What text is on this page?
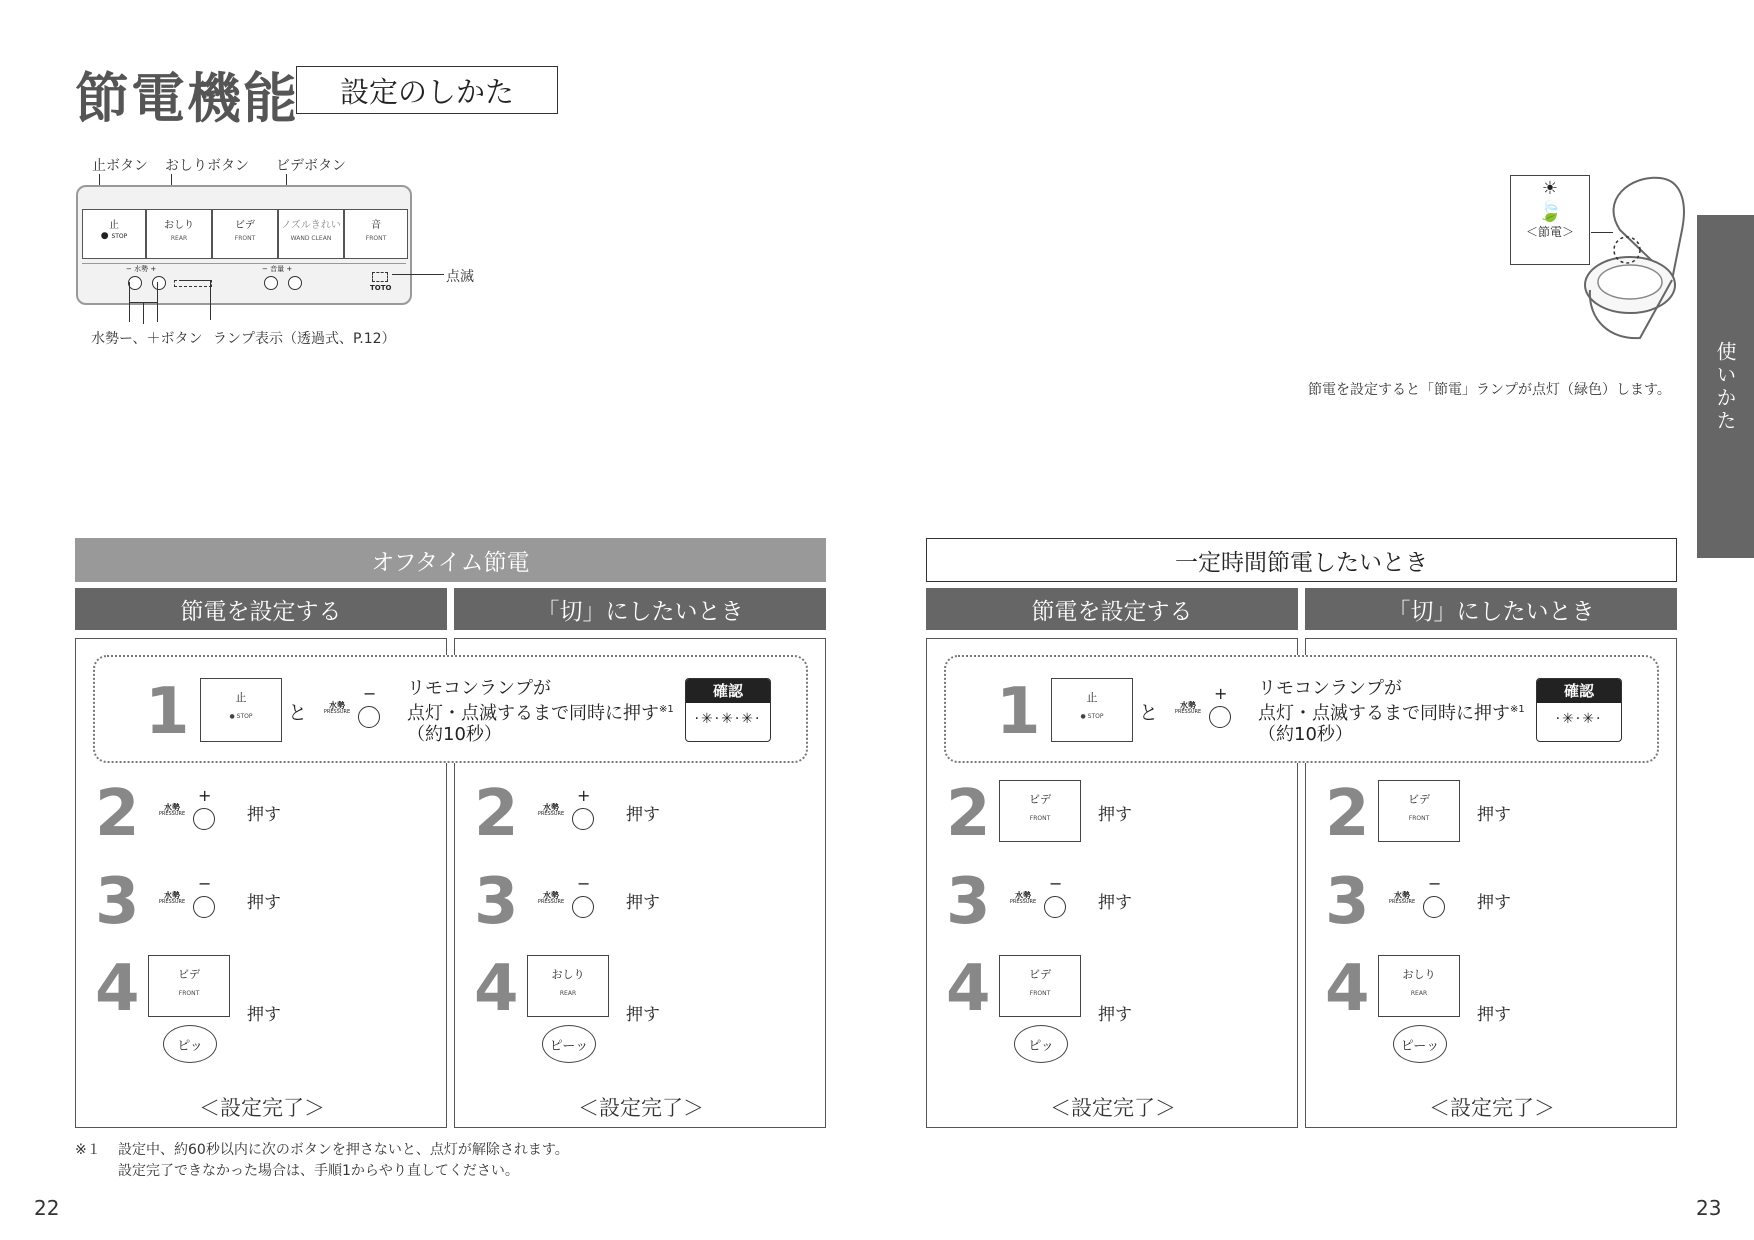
節電機能	設定のしかた
止ボタン おしりボタン ビデボタン
止
● STOP
おしり
REAR
ビデ
FRONT
ノズルきれい
WAND CLEAN
音
FRONT
− 水勢 +	− 音量 +
TOTO
点滅
水勢ー、＋ボタン ランプ表示（透過式、P.12）
☀
🍃
＜節電＞
節電を設定すると「節電」ランプが点灯（緑色）します。	使いかた
オフタイム節電
節電を設定する	「切」にしたいとき
1	止
● STOP	と	水勢
PRESSURE
− リモコンランプが
点灯・点滅するまで同時に押す$^{※1}$
（約10秒）
確認
·✳·✳·✳·
2	水勢
PRESSURE
+
押す
3	水勢
PRESSURE
−
押す
4	ビデ
FRONT
押す
ピッ
＜設定完了＞
2	水勢
PRESSURE
+
押す
3	水勢
PRESSURE
−
押す
4	おしり
REAR
押す
ピーッ
＜設定完了＞
一定時間節電したいとき
節電を設定する	「切」にしたいとき
1	止
● STOP	と	水勢
PRESSURE
+ リモコンランプが
点灯・点滅するまで同時に押す$^{※1}$
（約10秒）
確認
·✳·✳·
2	ビデ
FRONT	押す
3	水勢
PRESSURE
−
押す
4	ビデ
FRONT
押す
ピッ
＜設定完了＞
2	ビデ
FRONT	押す
3	水勢
PRESSURE
−
押す
4	おしり
REAR
押す
ピーッ
＜設定完了＞
※１ 設定中、約60秒以内に次のボタンを押さないと、点灯が解除されます。
設定完了できなかった場合は、手順1からやり直してください。
22	23
